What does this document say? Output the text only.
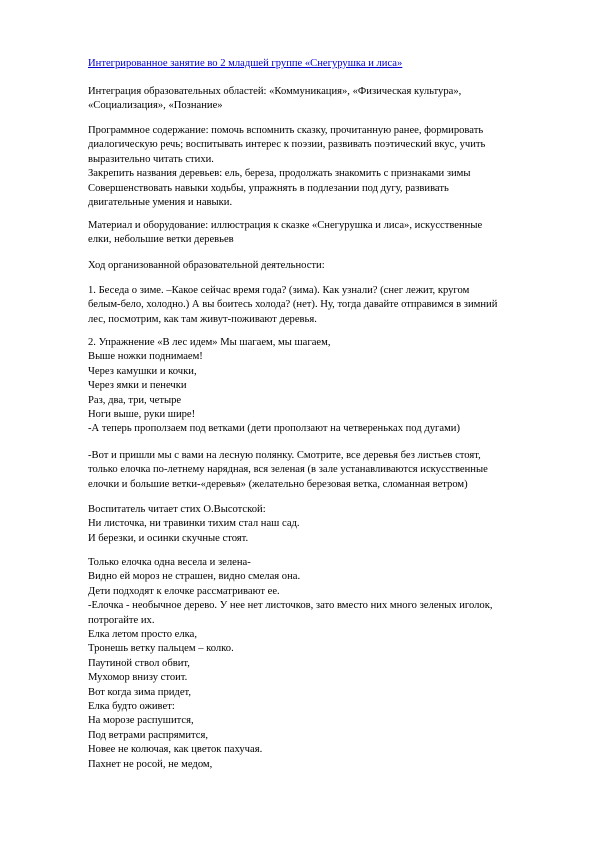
Интегрированное занятие во 2 младшей группе «Снегурушка и лиса»
Интеграция образовательных областей: «Коммуникация», «Физическая культура»,
«Социализация», «Познание»
Программное содержание: помочь вспомнить сказку, прочитанную ранее, формировать
диалогическую речь; воспитывать интерес к поэзии, развивать поэтический вкус, учить
выразительно читать стихи.
Закрепить названия деревьев: ель, береза, продолжать знакомить с признаками зимы
Совершенствовать навыки ходьбы, упражнять в подлезании под дугу, развивать
двигательные умения и навыки.
Материал и оборудование: иллюстрация к сказке «Снегурушка и лиса», искусственные
елки, небольшие ветки деревьев
Ход организованной образовательной деятельности:
1. Беседа о зиме. –Какое сейчас время года? (зима). Как узнали? (снег лежит, кругом
белым-бело, холодно.) А вы боитесь холода? (нет). Ну, тогда давайте отправимся в зимний
лес, посмотрим, как там живут-поживают деревья.
2. Упражнение «В лес идем» Мы шагаем, мы шагаем,
Выше ножки поднимаем!
Через камушки и кочки,
Через ямки и пенечки
Раз, два, три, четыре
Ноги выше, руки шире!
-А теперь проползаем под ветками (дети проползают на четвереньках под дугами)
-Вот и пришли мы с вами на лесную полянку. Смотрите, все деревья без листьев стоят,
только елочка по-летнему нарядная, вся зеленая (в зале устанавливаются искусственные
елочки и большие ветки-«деревья» (желательно березовая ветка, сломанная ветром)
Воспитатель читает стих О.Высотской:
Ни листочка, ни травинки тихим стал наш сад.
И березки, и осинки скучные стоят.
Только елочка одна весела и зелена-
Видно ей мороз не страшен, видно смелая она.
Дети подходят к елочке рассматривают ее.
-Елочка - необычное дерево. У нее нет листочков, зато вместо них много зеленых иголок,
потрогайте их.
Елка летом просто елка,
Тронешь ветку пальцем – колко.
Паутиной ствол обвит,
Мухомор внизу стоит.
Вот когда зима придет,
Елка будто оживет:
На морозе распушится,
Под ветрами распрямится,
Новее не колючая, как цветок пахучая.
Пахнет не росой, не медом,
